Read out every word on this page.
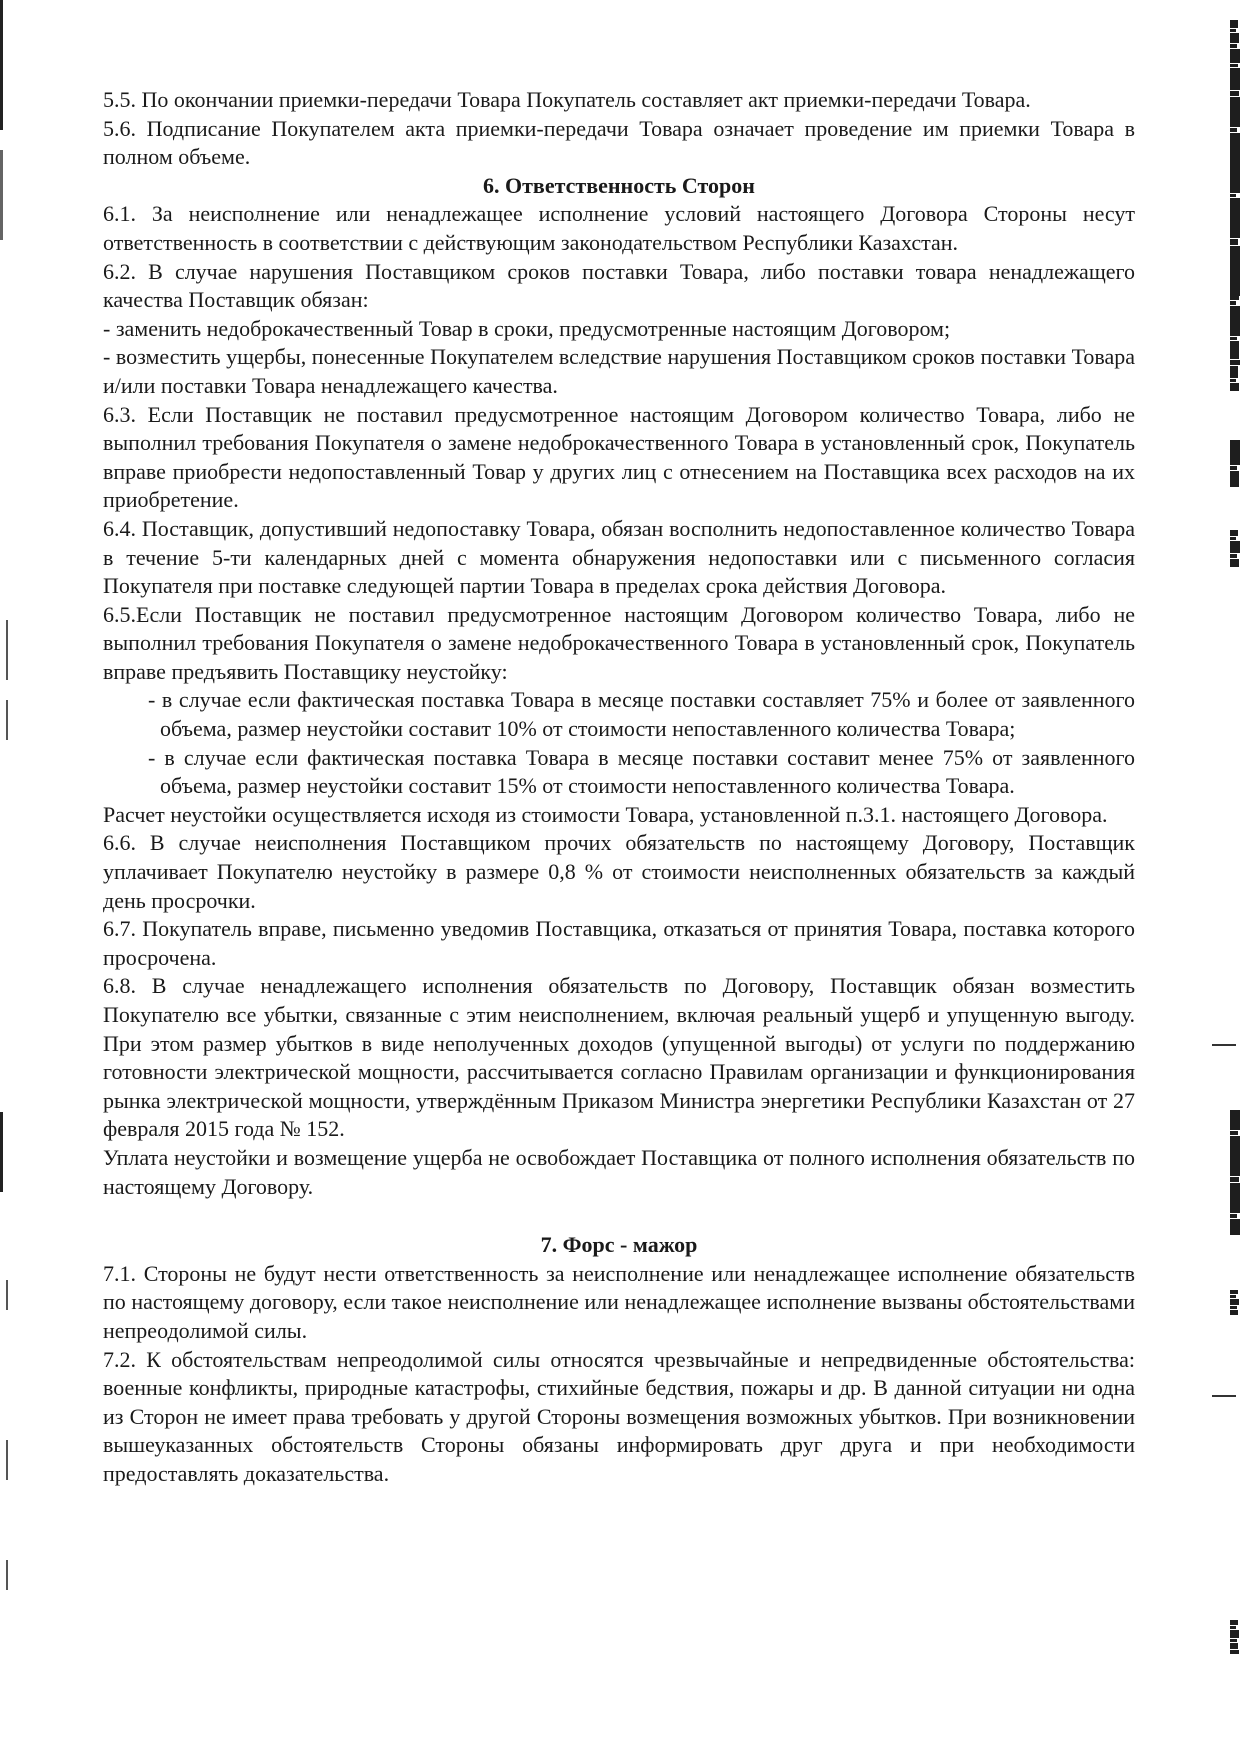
5.5. По окончании приемки-передачи Товара Покупатель составляет акт приемки-передачи Товара.

5.6. Подписание Покупателем акта приемки-передачи Товара означает проведение им приемки Товара в полном объеме.

6. Ответственность Сторон

6.1. За неисполнение или ненадлежащее исполнение условий настоящего Договора Стороны несут ответственность в соответствии с действующим законодательством Республики Казахстан.

6.2. В случае нарушения Поставщиком сроков поставки Товара, либо поставки товара ненадлежащего качества Поставщик обязан:

- заменить недоброкачественный Товар в сроки, предусмотренные настоящим Договором;

- возместить ущербы, понесенные Покупателем вследствие нарушения Поставщиком сроков поставки Товара и/или поставки Товара ненадлежащего качества.

6.3. Если Поставщик не поставил предусмотренное настоящим Договором количество Товара, либо не выполнил требования Покупателя о замене недоброкачественного Товара в установленный срок, Покупатель вправе приобрести недопоставленный Товар у других лиц с отнесением на Поставщика всех расходов на их приобретение.

6.4. Поставщик, допустивший недопоставку Товара, обязан восполнить недопоставленное количество Товара в течение 5-ти календарных дней с момента обнаружения недопоставки или с письменного согласия Покупателя при поставке следующей партии Товара в пределах срока действия Договора.

6.5.Если Поставщик не поставил предусмотренное настоящим Договором количество Товара, либо не выполнил требования Покупателя о замене недоброкачественного Товара в установленный срок, Покупатель вправе предъявить Поставщику неустойку:

- в случае если фактическая поставка Товара в месяце поставки составляет 75% и более от заявленного объема, размер неустойки составит 10% от стоимости непоставленного количества Товара;

- в случае если фактическая поставка Товара в месяце поставки составит менее 75% от заявленного объема, размер неустойки составит 15% от стоимости непоставленного количества Товара.

Расчет неустойки осуществляется исходя из стоимости Товара, установленной п.3.1. настоящего Договора.

6.6. В случае неисполнения Поставщиком прочих обязательств по настоящему Договору, Поставщик уплачивает Покупателю неустойку в размере 0,8 % от стоимости неисполненных обязательств за каждый день просрочки.

6.7. Покупатель вправе, письменно уведомив Поставщика, отказаться от принятия Товара, поставка которого просрочена.

6.8. В случае ненадлежащего исполнения обязательств по Договору, Поставщик обязан возместить Покупателю все убытки, связанные с этим неисполнением, включая реальный ущерб и упущенную выгоду. При этом размер убытков в виде неполученных доходов (упущенной выгоды) от услуги по поддержанию готовности электрической мощности, рассчитывается согласно Правилам организации и функционирования рынка электрической мощности, утверждённым Приказом Министра энергетики Республики Казахстан от 27 февраля 2015 года № 152.

Уплата неустойки и возмещение ущерба не освобождает Поставщика от полного исполнения обязательств по настоящему Договору.

7. Форс - мажор

7.1. Стороны не будут нести ответственность за неисполнение или ненадлежащее исполнение обязательств по настоящему договору, если такое неисполнение или ненадлежащее исполнение вызваны обстоятельствами непреодолимой силы.

7.2. К обстоятельствам непреодолимой силы относятся чрезвычайные и непредвиденные обстоятельства: военные конфликты, природные катастрофы, стихийные бедствия, пожары и др. В данной ситуации ни одна из Сторон не имеет права требовать у другой Стороны возмещения возможных убытков. При возникновении вышеуказанных обстоятельств Стороны обязаны информировать друг друга и при необходимости предоставлять доказательства.
